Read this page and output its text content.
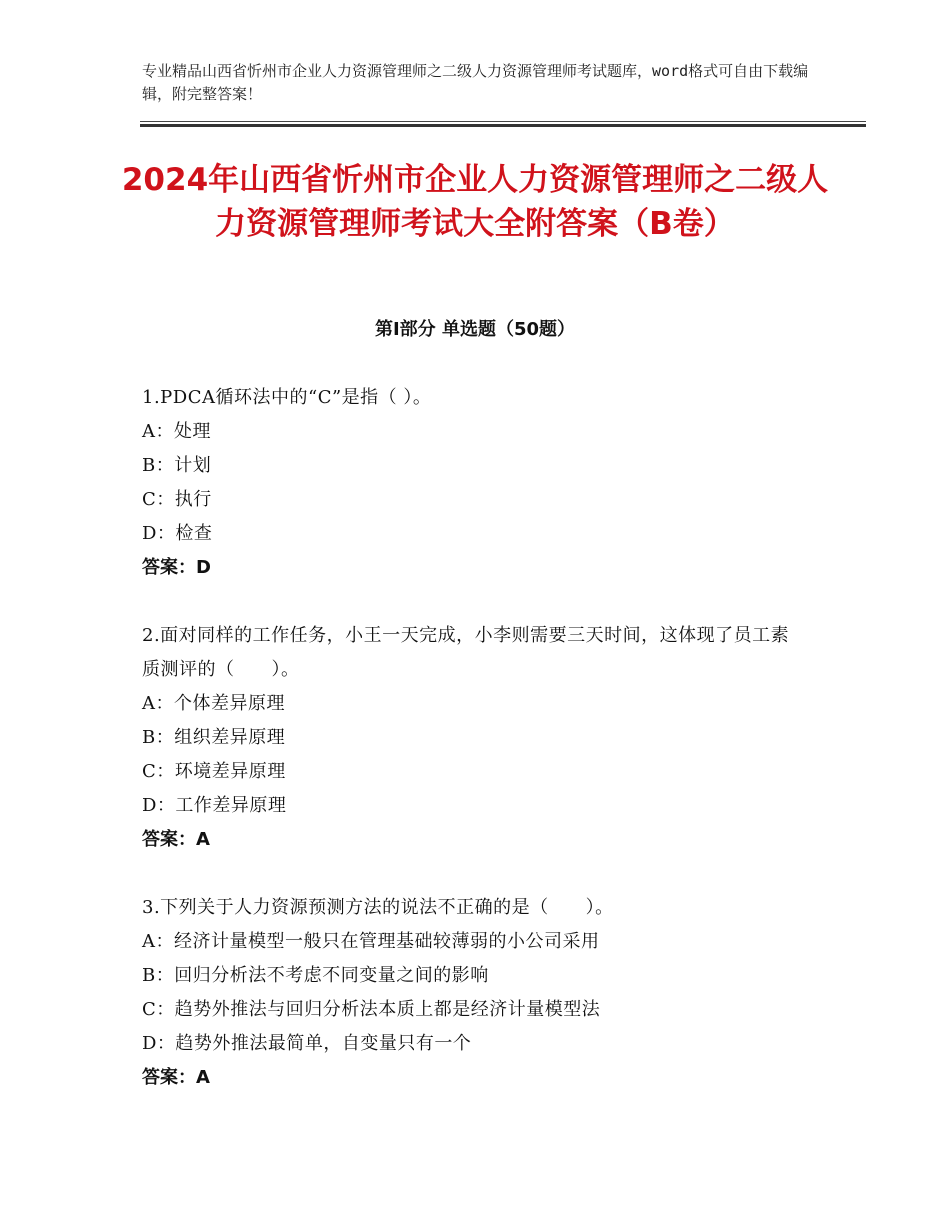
专业精品山西省忻州市企业人力资源管理师之二级人力资源管理师考试题库，word格式可自由下载编辑，附完整答案！
2024年山西省忻州市企业人力资源管理师之二级人力资源管理师考试大全附答案（B卷）
第Ⅰ部分 单选题（50题）
1.PDCA循环法中的“C”是指（ ）。
A：处理
B：计划
C：执行
D：检查
答案：D
2.面对同样的工作任务，小王一天完成，小李则需要三天时间，这体现了员工素质测评的（　　）。
A：个体差异原理
B：组织差异原理
C：环境差异原理
D：工作差异原理
答案：A
3.下列关于人力资源预测方法的说法不正确的是（　　）。
A：经济计量模型一般只在管理基础较薄弱的小公司采用
B：回归分析法不考虑不同变量之间的影响
C：趋势外推法与回归分析法本质上都是经济计量模型法
D：趋势外推法最简单，自变量只有一个
答案：A
